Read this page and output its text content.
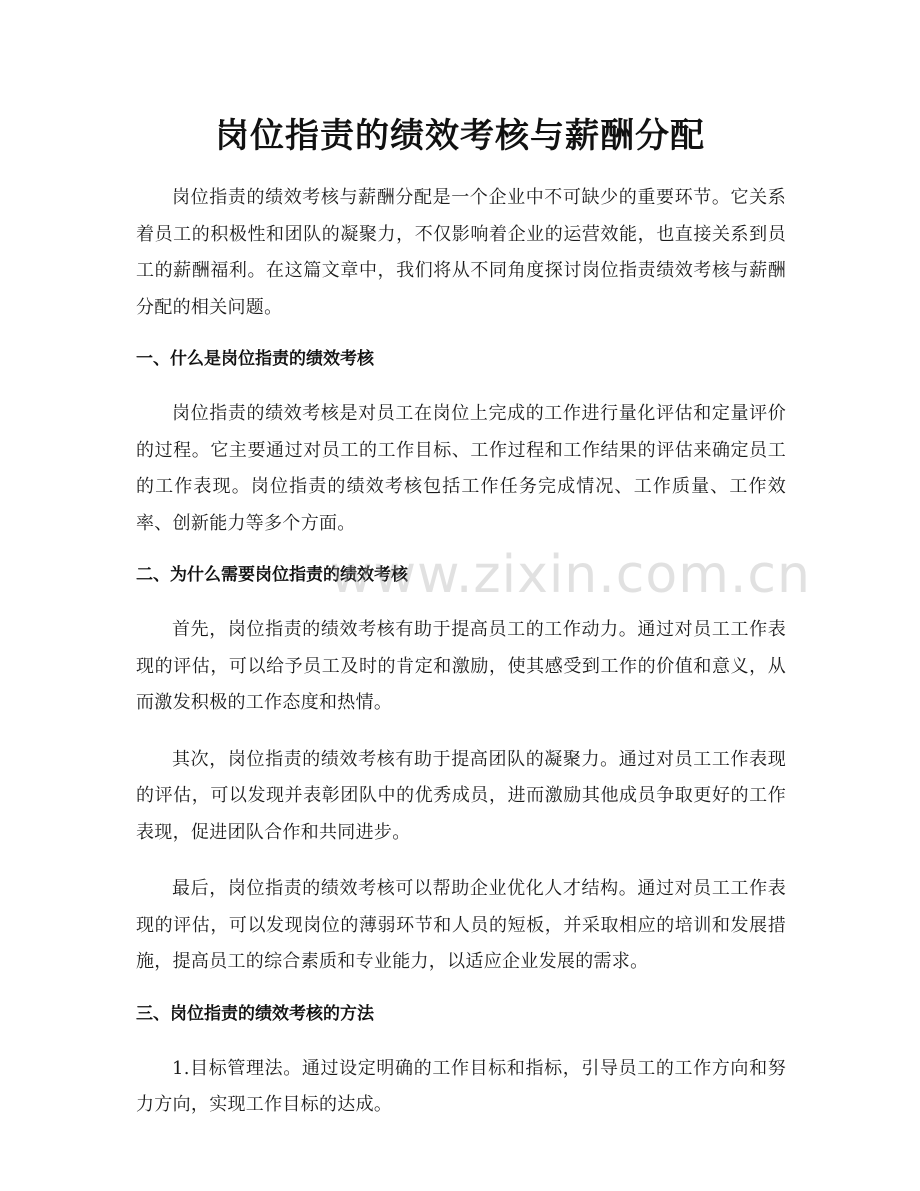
岗位指责的绩效考核与薪酬分配

岗位指责的绩效考核与薪酬分配是一个企业中不可缺少的重要环节。它关系着员工的积极性和团队的凝聚力，不仅影响着企业的运营效能，也直接关系到员工的薪酬福利。在这篇文章中，我们将从不同角度探讨岗位指责绩效考核与薪酬分配的相关问题。

一、什么是岗位指责的绩效考核

岗位指责的绩效考核是对员工在岗位上完成的工作进行量化评估和定量评价的过程。它主要通过对员工的工作目标、工作过程和工作结果的评估来确定员工的工作表现。岗位指责的绩效考核包括工作任务完成情况、工作质量、工作效率、创新能力等多个方面。

二、为什么需要岗位指责的绩效考核

首先，岗位指责的绩效考核有助于提高员工的工作动力。通过对员工工作表现的评估，可以给予员工及时的肯定和激励，使其感受到工作的价值和意义，从而激发积极的工作态度和热情。

其次，岗位指责的绩效考核有助于提高团队的凝聚力。通过对员工工作表现的评估，可以发现并表彰团队中的优秀成员，进而激励其他成员争取更好的工作表现，促进团队合作和共同进步。

最后，岗位指责的绩效考核可以帮助企业优化人才结构。通过对员工工作表现的评估，可以发现岗位的薄弱环节和人员的短板，并采取相应的培训和发展措施，提高员工的综合素质和专业能力，以适应企业发展的需求。

三、岗位指责的绩效考核的方法

1.目标管理法。通过设定明确的工作目标和指标，引导员工的工作方向和努力方向，实现工作目标的达成。

www.zixin.com.cn
